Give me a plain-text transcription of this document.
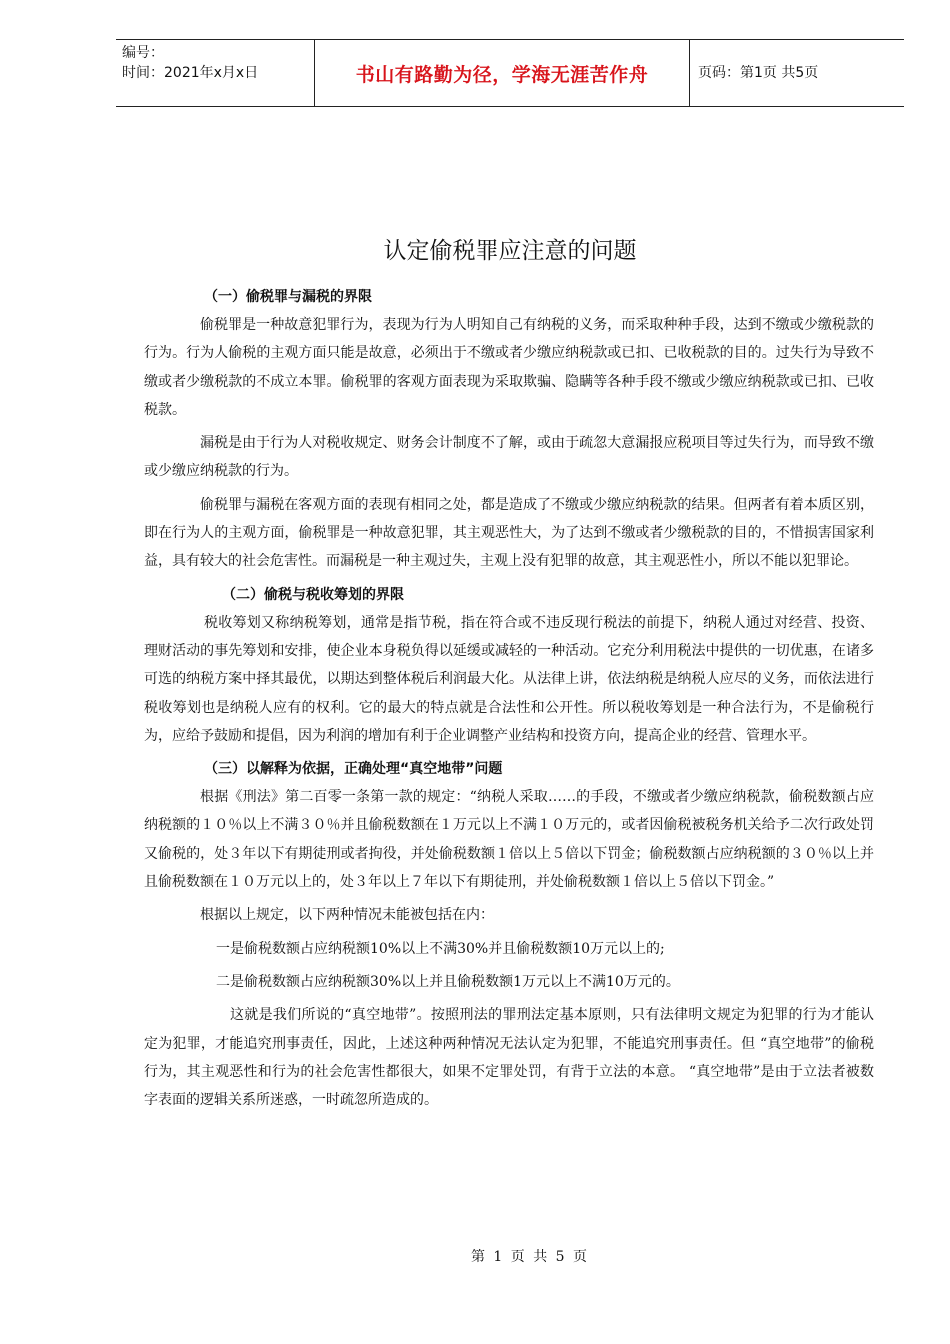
编号：
时间：2021年x月x日	书山有路勤为径，学海无涯苦作舟	页码：第1页 共5页
认定偷税罪应注意的问题
（一）偷税罪与漏税的界限

偷税罪是一种故意犯罪行为，表现为行为人明知自己有纳税的义务，而采取种种手段，达到不缴或少缴税款的行为。行为人偷税的主观方面只能是故意，必须出于不缴或者少缴应纳税款或已扣、已收税款的目的。过失行为导致不缴或者少缴税款的不成立本罪。偷税罪的客观方面表现为采取欺骗、隐瞒等各种手段不缴或少缴应纳税款或已扣、已收税款。

漏税是由于行为人对税收规定、财务会计制度不了解，或由于疏忽大意漏报应税项目等过失行为，而导致不缴或少缴应纳税款的行为。

偷税罪与漏税在客观方面的表现有相同之处，都是造成了不缴或少缴应纳税款的结果。但两者有着本质区别，即在行为人的主观方面，偷税罪是一种故意犯罪，其主观恶性大，为了达到不缴或者少缴税款的目的，不惜损害国家利益，具有较大的社会危害性。而漏税是一种主观过失，主观上没有犯罪的故意，其主观恶性小，所以不能以犯罪论。

（二）偷税与税收筹划的界限

税收筹划又称纳税筹划，通常是指节税，指在符合或不违反现行税法的前提下，纳税人通过对经营、投资、理财活动的事先筹划和安排，使企业本身税负得以延缓或减轻的一种活动。它充分利用税法中提供的一切优惠，在诸多可选的纳税方案中择其最优，以期达到整体税后利润最大化。从法律上讲，依法纳税是纳税人应尽的义务，而依法进行税收筹划也是纳税人应有的权利。它的最大的特点就是合法性和公开性。所以税收筹划是一种合法行为，不是偷税行为，应给予鼓励和提倡，因为利润的增加有利于企业调整产业结构和投资方向，提高企业的经营、管理水平。

（三）以解释为依据，正确处理“真空地带”问题

根据《刑法》第二百零一条第一款的规定：“纳税人采取……的手段，不缴或者少缴应纳税款，偷税数额占应纳税额的１０％以上不满３０％并且偷税数额在１万元以上不满１０万元的，或者因偷税被税务机关给予二次行政处罚又偷税的，处３年以下有期徒刑或者拘役，并处偷税数额１倍以上５倍以下罚金；偷税数额占应纳税额的３０％以上并且偷税数额在１０万元以上的，处３年以上７年以下有期徒刑，并处偷税数额１倍以上５倍以下罚金。”

根据以上规定，以下两种情况未能被包括在内：

一是偷税数额占应纳税额10%以上不满30%并且偷税数额10万元以上的;

二是偷税数额占应纳税额30%以上并且偷税数额1万元以上不满10万元的。

这就是我们所说的“真空地带”。按照刑法的罪刑法定基本原则，只有法律明文规定为犯罪的行为才能认定为犯罪，才能追究刑事责任，因此，上述这种两种情况无法认定为犯罪，不能追究刑事责任。但 “真空地带”的偷税行为，其主观恶性和行为的社会危害性都很大，如果不定罪处罚，有背于立法的本意。 “真空地带”是由于立法者被数字表面的逻辑关系所迷惑，一时疏忽所造成的。

第 1 页 共 5 页
